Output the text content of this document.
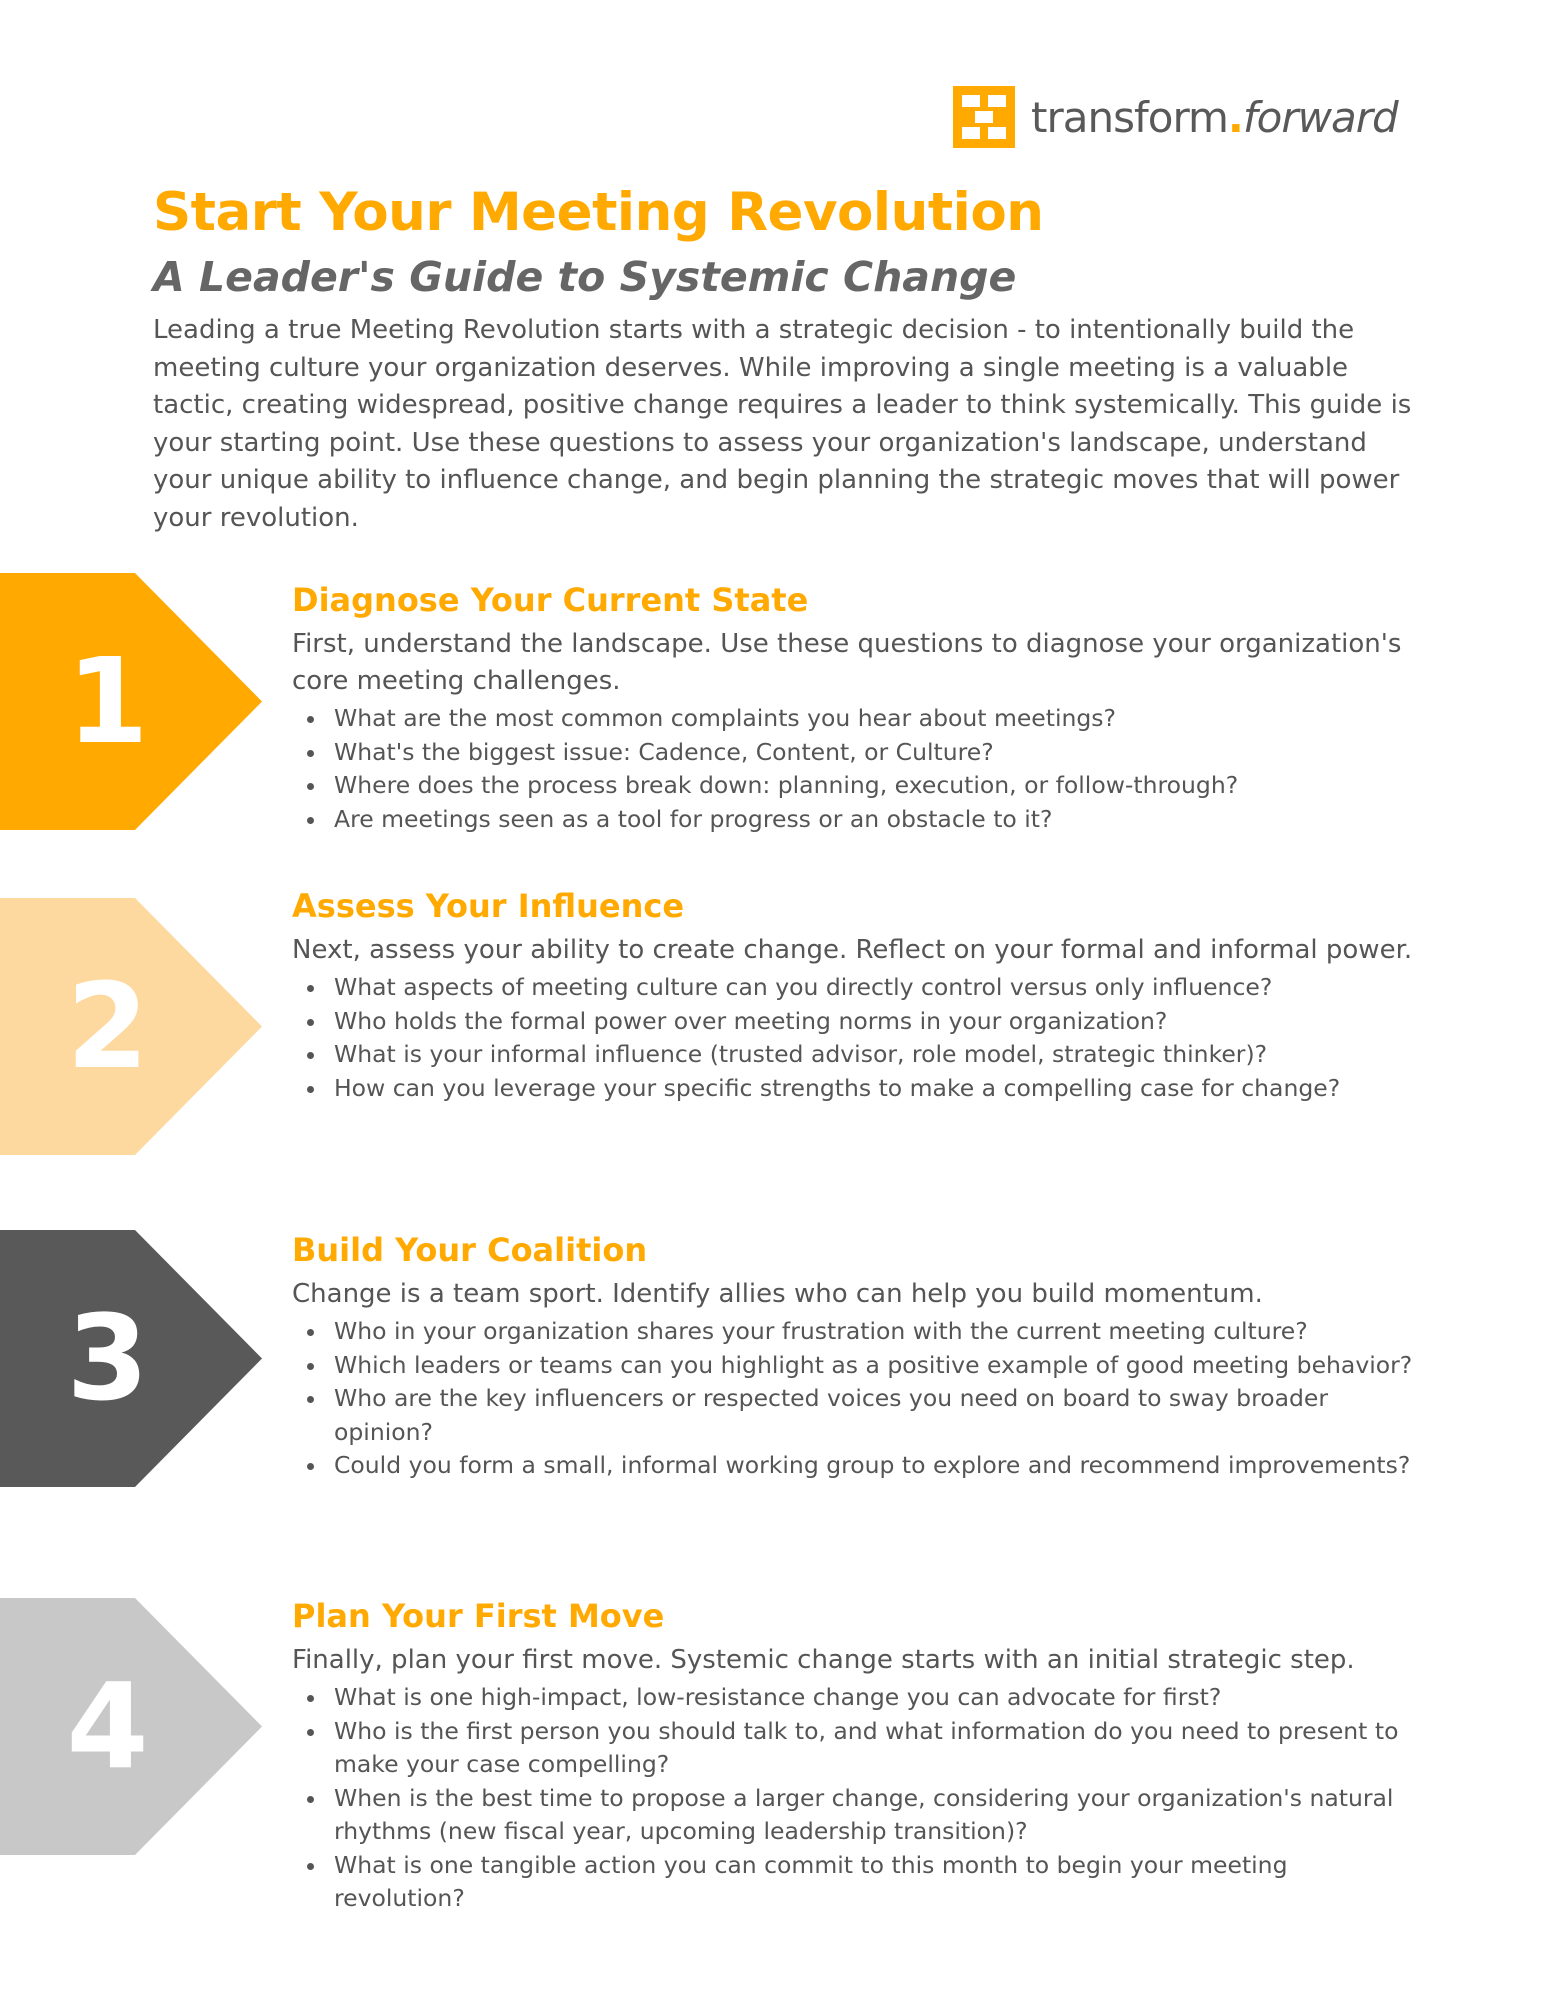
transform.forward
Start Your Meeting Revolution
A Leader's Guide to Systemic Change

Leading a true Meeting Revolution starts with a strategic decision - to intentionally build the meeting culture your organization deserves. While improving a single meeting is a valuable tactic, creating widespread, positive change requires a leader to think systemically. This guide is your starting point. Use these questions to assess your organization's landscape, understand your unique ability to influence change, and begin planning the strategic moves that will power your revolution.

1
Diagnose Your Current State

First, understand the landscape. Use these questions to diagnose your organization's core meeting challenges.

What are the most common complaints you hear about meetings?
What's the biggest issue: Cadence, Content, or Culture?
Where does the process break down: planning, execution, or follow-through?
Are meetings seen as a tool for progress or an obstacle to it?
2
Assess Your Influence

Next, assess your ability to create change. Reflect on your formal and informal power.

What aspects of meeting culture can you directly control versus only influence?
Who holds the formal power over meeting norms in your organization?
What is your informal influence (trusted advisor, role model, strategic thinker)?
How can you leverage your specific strengths to make a compelling case for change?
3
Build Your Coalition

Change is a team sport. Identify allies who can help you build momentum.

Who in your organization shares your frustration with the current meeting culture?
Which leaders or teams can you highlight as a positive example of good meeting behavior?
Who are the key influencers or respected voices you need on board to sway broader opinion?
Could you form a small, informal working group to explore and recommend improvements?
4
Plan Your First Move

Finally, plan your first move. Systemic change starts with an initial strategic step.

What is one high-impact, low-resistance change you can advocate for first?
Who is the first person you should talk to, and what information do you need to present to make your case compelling?
When is the best time to propose a larger change, considering your organization's natural rhythms (new fiscal year, upcoming leadership transition)?
What is one tangible action you can commit to this month to begin your meeting revolution?
